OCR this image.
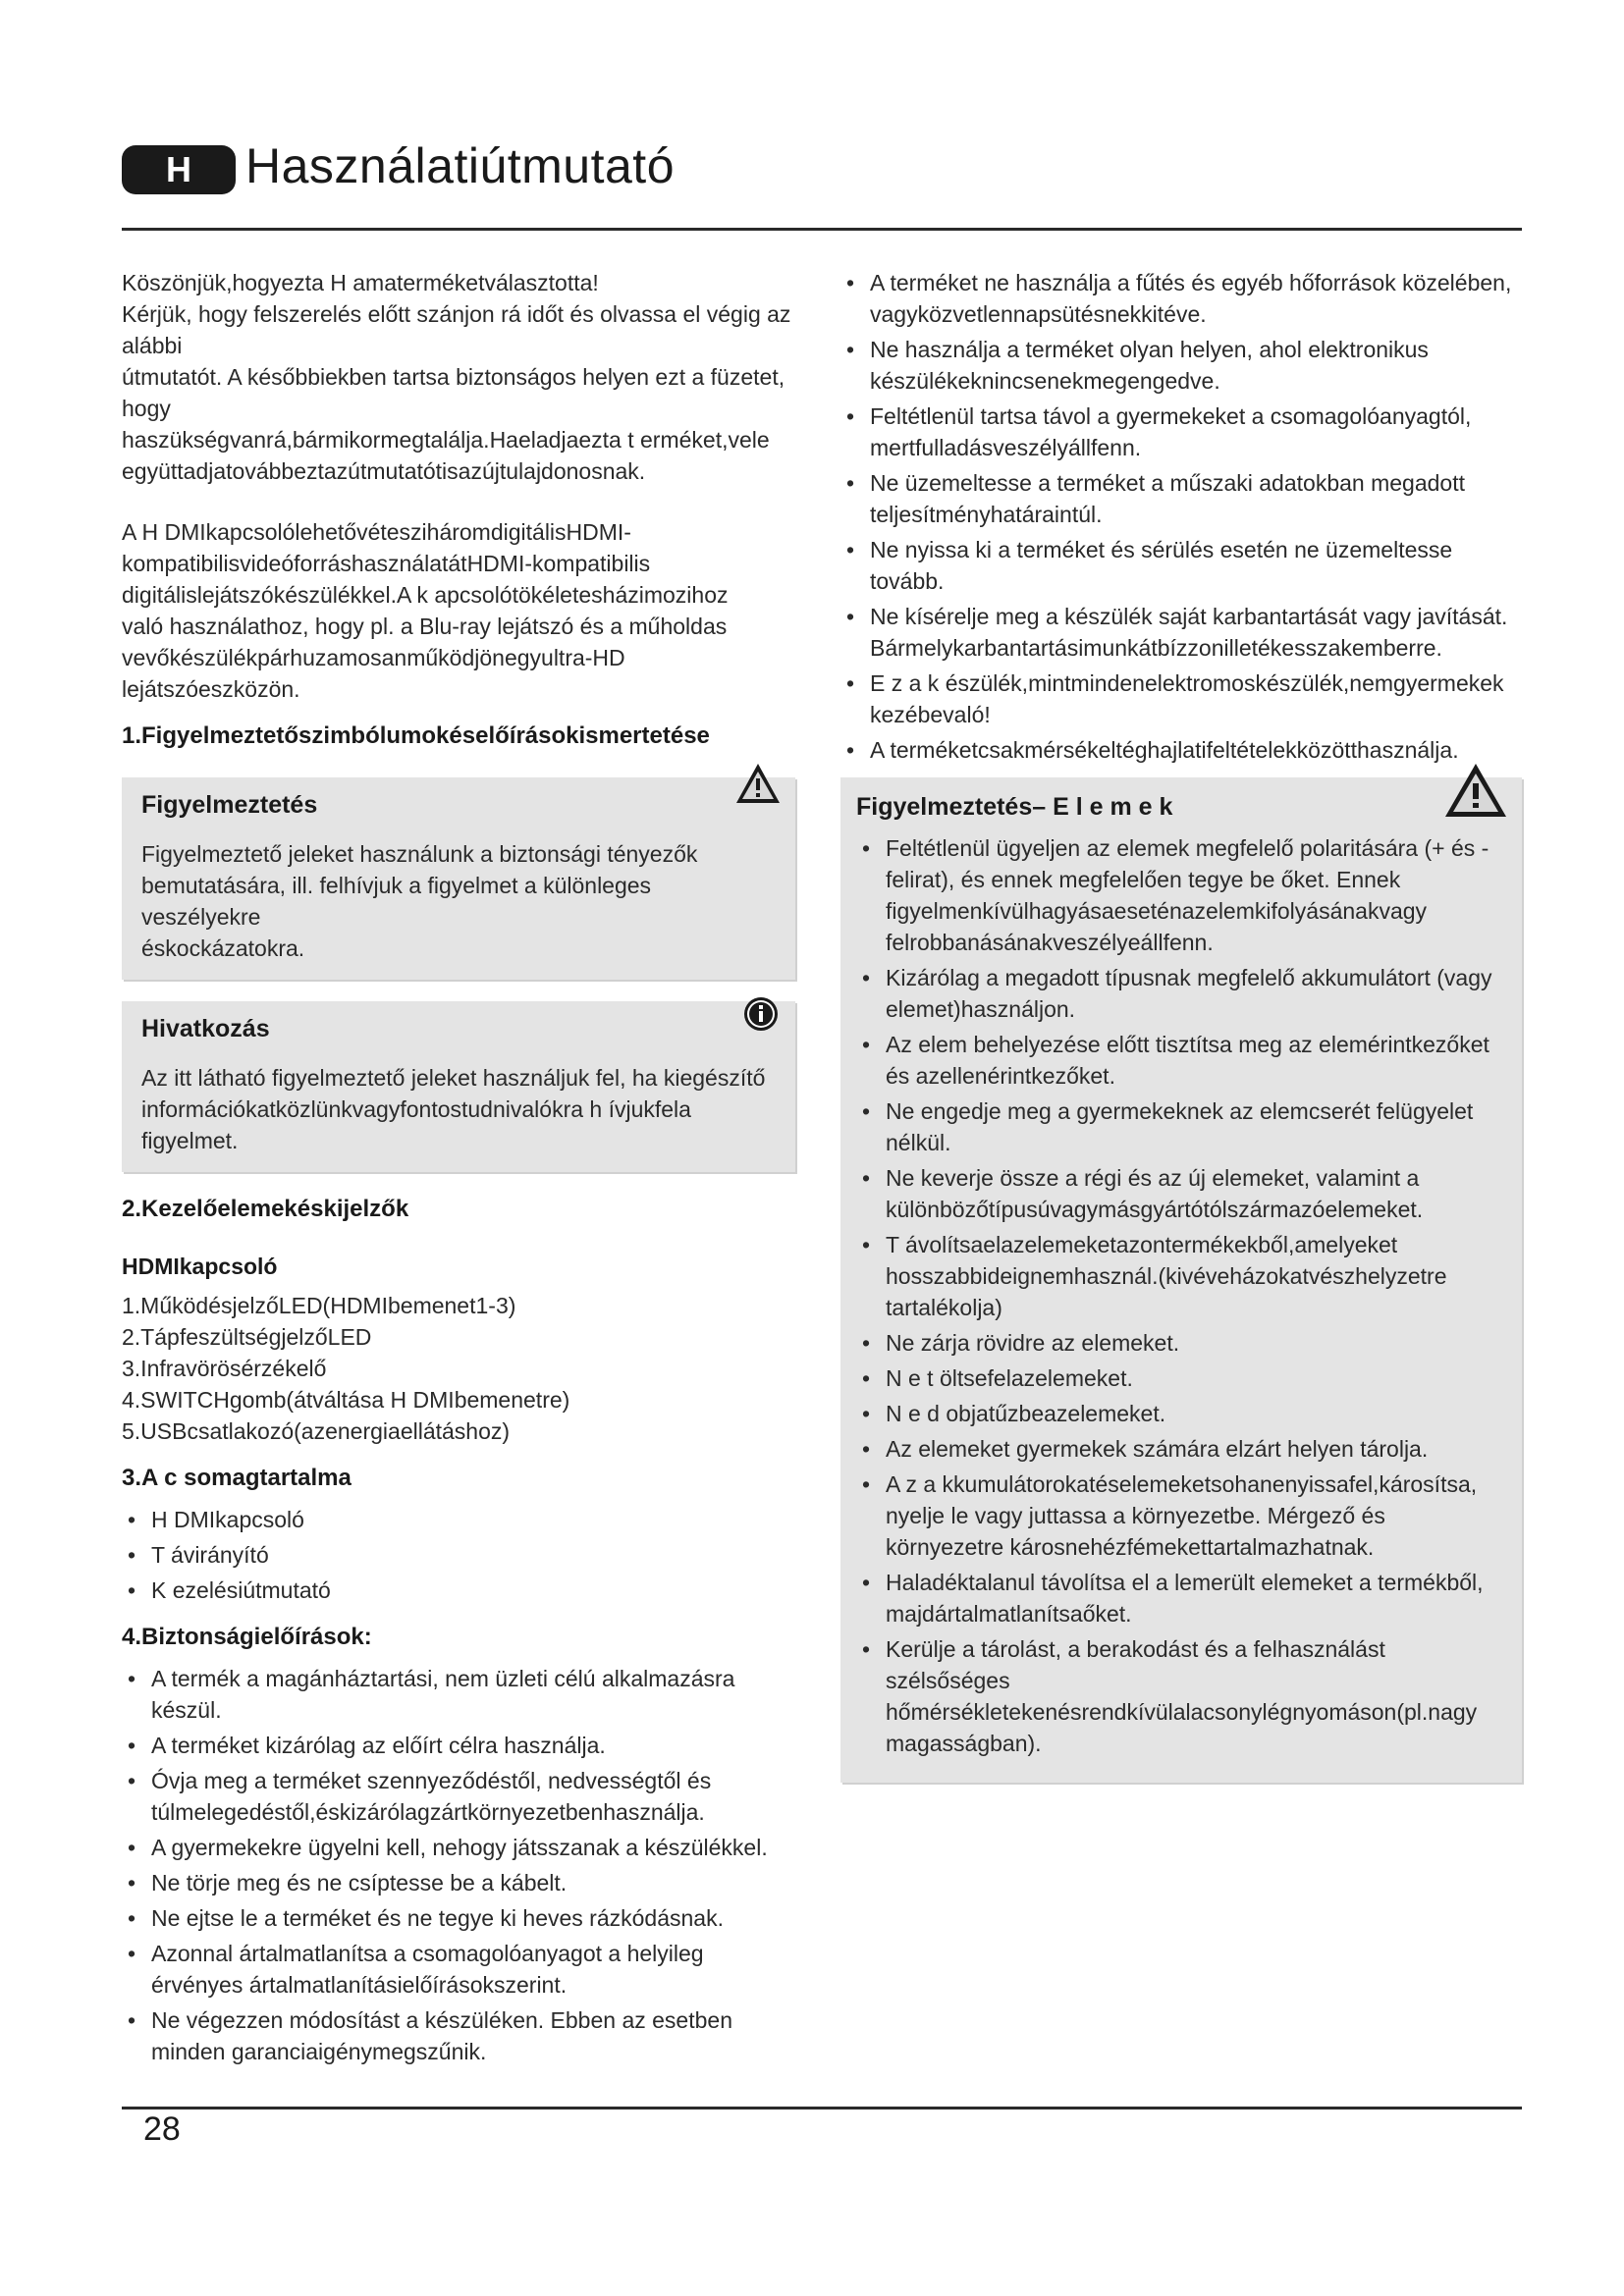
H	Használatiútmutató
Köszönjük,hogyezta H amaterméketválasztotta!
Kérjük, hogy felszerelés előtt szánjon rá időt és olvassa el végig az alábbi
útmutatót. A későbbiekben tartsa biztonságos helyen ezt a füzetet, hogy
haszükségvanrá,bármikormegtalálja.Haeladjaezta t erméket,vele
együttadjatovábbeztazútmutatótisazújtulajdonosnak.
A H DMIkapcsolólehetővéteszihárom​digitálisHDMI-
kompatibilisvideóforráshasználatátHDMI-kompatibilis
digitálislejátszókészülékkel.A k apcsolótökéletesházimozihoz
való használathoz, hogy pl. a Blu-ray lejátszó és a műholdas
vevőkészülékpárhuzamosanműködjönegyultra-HD
lejátszóeszközön.
1.Figyelmeztetőszimbólumokéselőírásokismertetése
Figyelmeztetés
Figyelmeztető jeleket használunk a biztonsági tényezők
bemutatására, ill. felhívjuk a figyelmet a különleges veszélyekre
éskockázatokra.
Hivatkozás
Az itt látható figyelmeztető jeleket használjuk fel, ha kiegészítő
információkatközlünkvagyfontostudnivalókra h ívjukfela
figyelmet.
2.Kezelőelemekéskijelzők
HDMIkapcsoló
1.MűködésjelzőLED(HDMIbemenet1-3)
2.TápfeszültségjelzőLED
3.Infravörösérzékelő
4.SWITCHgomb(átváltása H DMIbemenetre)
5.USBcsatlakozó(azenergiaellátáshoz)
3.A c somagtartalma
• H DMIkapcsoló
• T ávirányító
• K ezelésiútmutató
4.Biztonságielőírások:
• A termék a magánháztartási, nem üzleti célú alkalmazásra készül.
• A terméket kizárólag az előírt célra használja.
• Óvja meg a terméket szennyeződéstől, nedvességtől és túlmelegedéstől,éskizárólagzártkörnyezetbenhasználja.
• A gyermekekre ügyelni kell, nehogy játsszanak a készülékkel.
• Ne törje meg és ne csíptesse be a kábelt.
• Ne ejtse le a terméket és ne tegye ki heves rázkódásnak.
• Azonnal ártalmatlanítsa a csomagolóanyagot a helyileg érvényes ártalmatlanításielőírásokszerint.
• Ne végezzen módosítást a készüléken. Ebben az esetben minden garanciaigénymegszűnik.
• A terméket ne használja a fűtés és egyéb hőforrások közelében, vagyközvetlennapsütésnekkitéve.
• Ne használja a terméket olyan helyen, ahol elektronikus készülékeknincsenekmegengedve.
• Feltétlenül tartsa távol a gyermekeket a csomagolóanyagtól, mertfulladásveszélyállfenn.
• Ne üzemeltesse a terméket a műszaki adatokban megadott teljesítményhatáraintúl.
• Ne nyissa ki a terméket és sérülés esetén ne üzemeltesse tovább.
• Ne kísérelje meg a készülék saját karbantartását vagy javítását. Bármelykarbantartásimunkátbízzonilletékesszakemberre.
• E z a k észülék,mintmindenelektromoskészülék,nemgyermekek kezébevaló!
• A terméketcsakmérsékeltéghajlatifeltételekközötthasználja.
Figyelmeztetés– E l e m e k
• Feltétlenül ügyeljen az elemek megfelelő polaritására (+ és - felirat), és ennek megfelelően tegye be őket. Ennek figyelmenkívülhagyásaesetén​azelemkifolyásánakvagy felrobbanásánakveszélyeállfenn.
• Kizárólag a megadott típusnak megfelelő akkumulátort (vagy elemet)használjon.
• Az elem behelyezése előtt tisztítsa meg az elemérintkezőket és azellenérintkezőket.
• Ne engedje meg a gyermekeknek az elemcserét felügyelet nélkül.
• Ne keverje össze a régi és az új elemeket, valamint a különbözőtípusúvagymásgyártótólszármazóelemeket.
• T ávolítsaelazelemeketazontermékekből,amelyeket hosszabbideignemhasznál.(kivéveházokatvészhelyzetre tartalékolja)
• Ne zárja rövidre az elemeket.
• N e t öltsefelazelemeket.
• N e d objatűzbeazelemeket.
• Az elemeket gyermekek számára elzárt helyen tárolja.
• A z a kkumulátorokatéselemeketsohanenyissafel,károsítsa, nyelje le vagy juttassa a környezetbe. Mérgező és környezetre károsnehézfémekettartalmazhatnak.
• Haladéktalanul távolítsa el a lemerült elemeket a termékből, majdártalmatlanítsaőket.
• Kerülje a tárolást, a berakodást és a felhasználást szélsőséges hőmérsékletekenésrendkívülalacsonylégnyomáson(pl.nagy magasságban).
28
